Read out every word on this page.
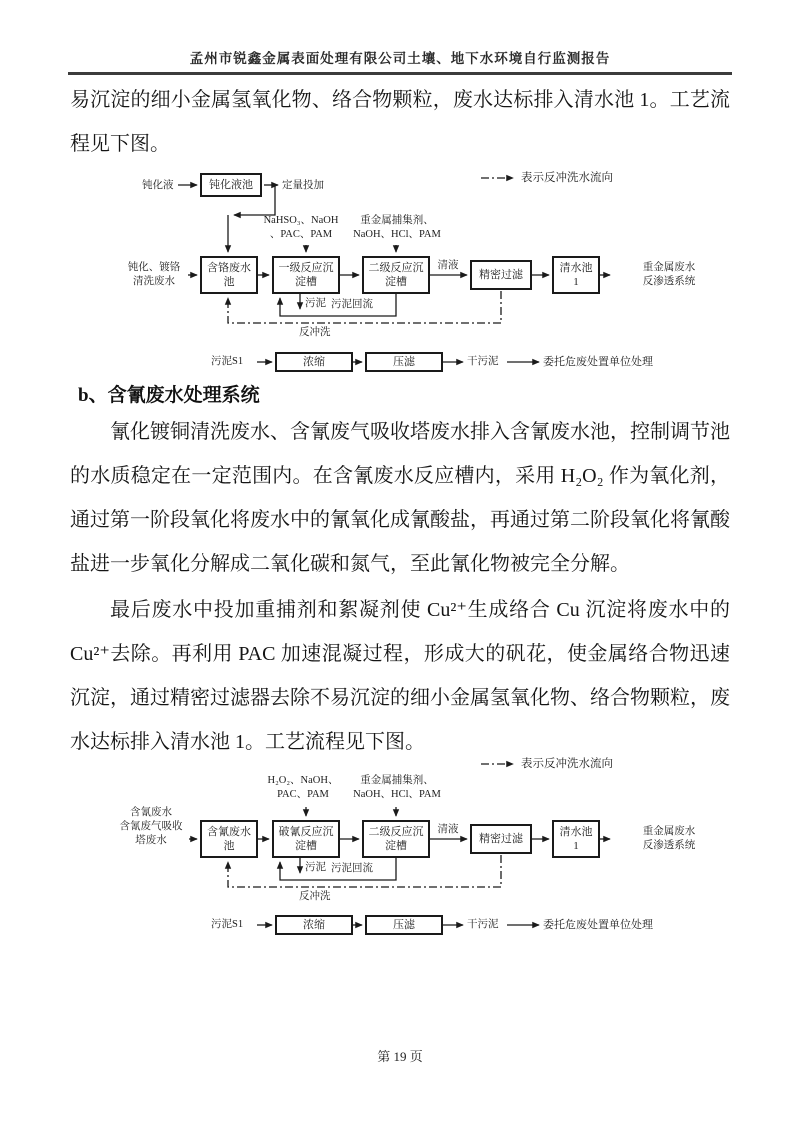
孟州市锐鑫金属表面处理有限公司土壤、地下水环境自行监测报告
易沉淀的细小金属氢氧化物、络合物颗粒，废水达标排入清水池 1。工艺流程见下图。
表示反冲洗水流向
钝化液	钝化液池	定量投加
NaHSO₃、NaOH
、PAC、PAM
重金属捕集剂、
NaOH、HCl、PAM
钝化、镀铬
清洗废水
含铬废水
池
一级反应沉
淀槽
二级反应沉
淀槽
清液
精密过滤
清水池
1
重金属废水
反渗透系统
污泥 污泥回流
反冲洗
污泥S1	浓缩	压滤	干污泥	委托危废处置单位处理
b、含氰废水处理系统
氰化镀铜清洗废水、含氰废气吸收塔废水排入含氰废水池，控制调节池的水质稳定在一定范围内。在含氰废水反应槽内，采用 H₂O₂ 作为氧化剂，通过第一阶段氧化将废水中的氰氧化成氰酸盐，再通过第二阶段氧化将氰酸盐进一步氧化分解成二氧化碳和氮气，至此氰化物被完全分解。
最后废水中投加重捕剂和絮凝剂使 Cu²⁺生成络合 Cu 沉淀将废水中的 Cu²⁺去除。再利用 PAC 加速混凝过程，形成大的矾花，使金属络合物迅速沉淀，通过精密过滤器去除不易沉淀的细小金属氢氧化物、络合物颗粒，废水达标排入清水池 1。工艺流程见下图。
表示反冲洗水流向
H₂O₂、NaOH、
PAC、PAM
重金属捕集剂、
NaOH、HCl、PAM
含氰废水
含氰废气吸收
塔废水
含氰废水
池
破氰反应沉
淀槽
二级反应沉
淀槽
清液
精密过滤
清水池
1
重金属废水
反渗透系统
污泥 污泥回流
反冲洗
污泥S1	浓缩	压滤	干污泥	委托危废处置单位处理
第 19 页
